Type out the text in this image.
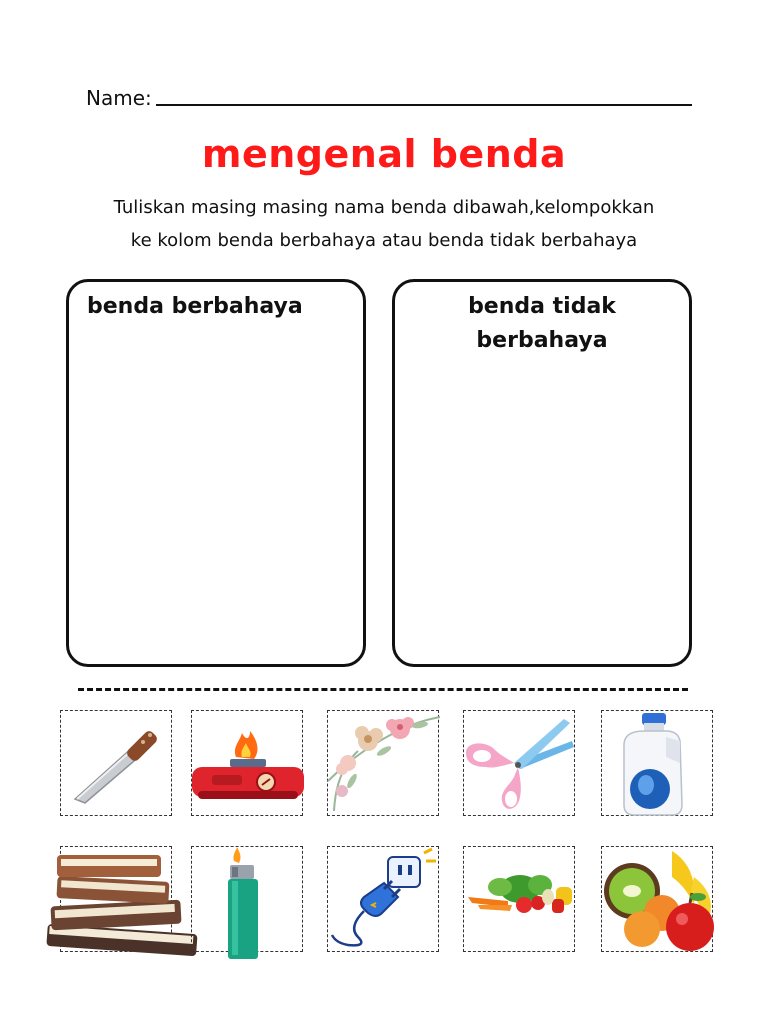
Name:
mengenal benda
Tuliskan masing masing nama benda dibawah,kelompokkan
ke kolom benda berbahaya atau benda tidak berbahaya
benda berbahaya	benda tidak berbahaya
